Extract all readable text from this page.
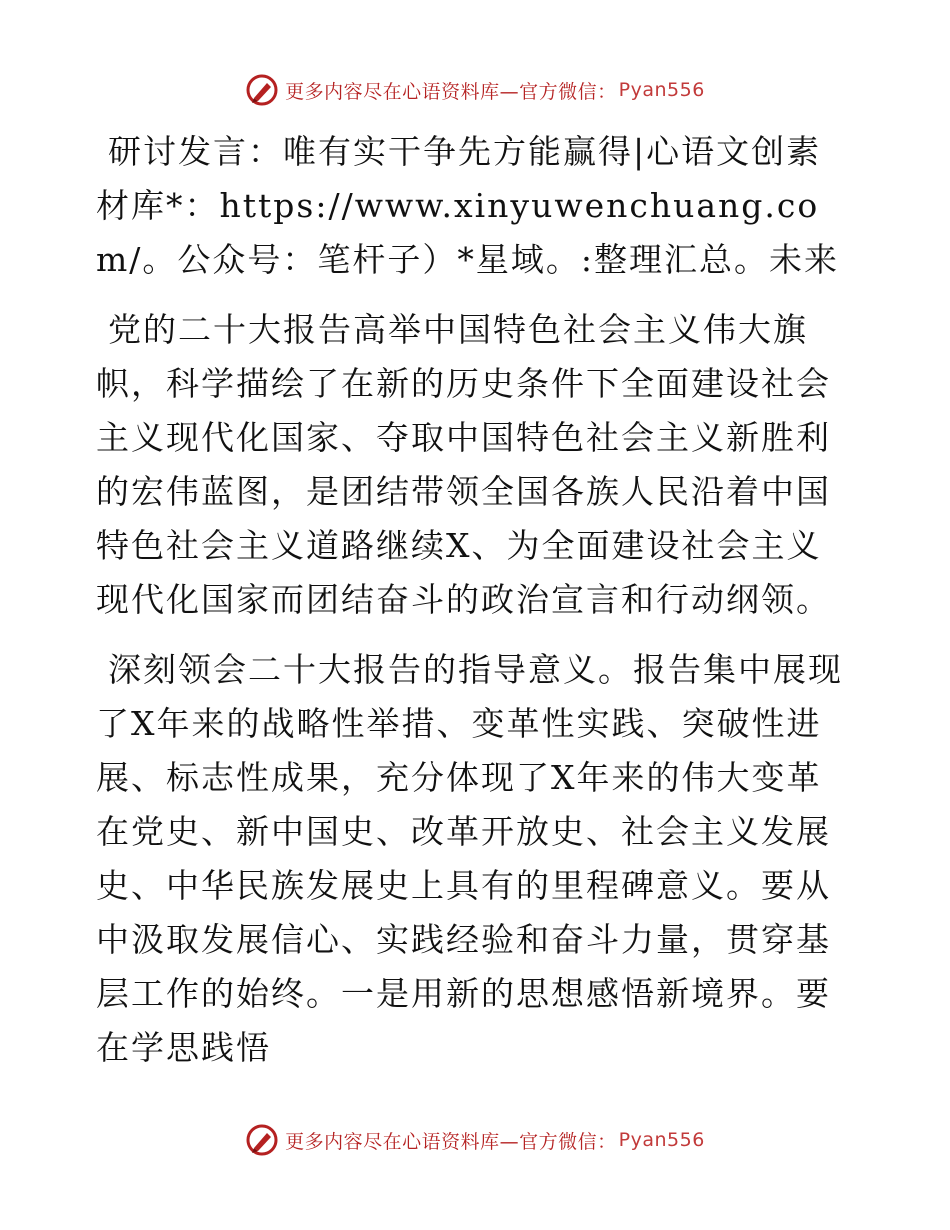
更多内容尽在心语资料库—官方微信： Pyan556

研讨发言：唯有实干争先方能赢得|心语文创素材库*：https://www.xinyuwenchuang.com/。公众号：笔杆子）*星域。:整理汇总。未来

党的二十大报告高举中国特色社会主义伟大旗帜，科学描绘了在新的历史条件下全面建设社会主义现代化国家、夺取中国特色社会主义新胜利的宏伟蓝图，是团结带领全国各族人民沿着中国特色社会主义道路继续X、为全面建设社会主义现代化国家而团结奋斗的政治宣言和行动纲领。

深刻领会二十大报告的指导意义。报告集中展现了X年来的战略性举措、变革性实践、突破性进展、标志性成果，充分体现了X年来的伟大变革在党史、新中国史、改革开放史、社会主义发展史、中华民族发展史上具有的里程碑意义。要从中汲取发展信心、实践经验和奋斗力量，贯穿基层工作的始终。一是用新的思想感悟新境界。要在学思践悟

更多内容尽在心语资料库—官方微信： Pyan556
